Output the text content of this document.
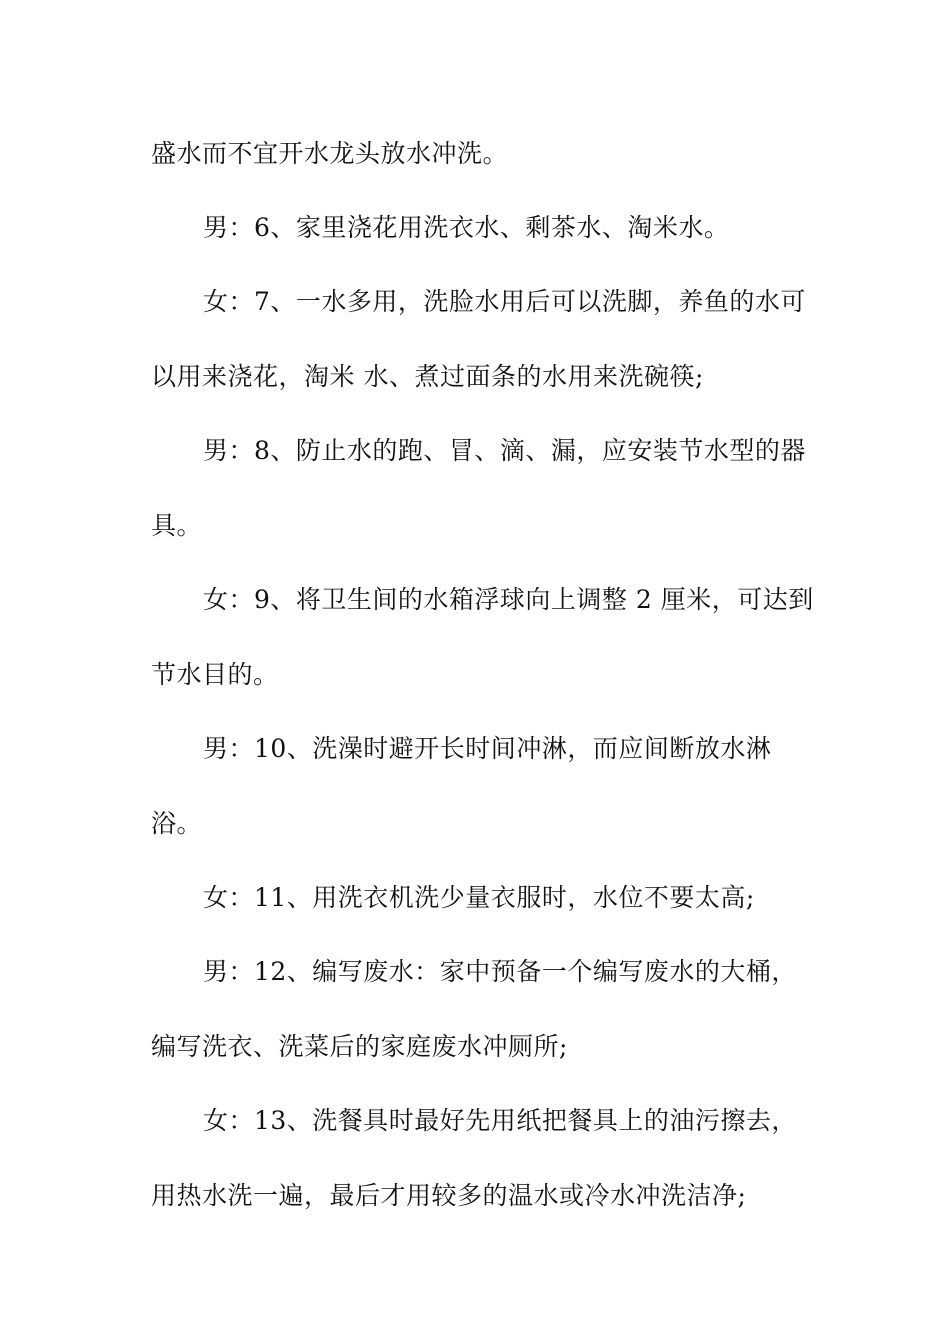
盛水而不宜开水龙头放水冲洗。

男：6、家里浇花用洗衣水、剩茶水、淘米水。

女：7、一水多用，洗脸水用后可以洗脚，养鱼的水可

以用来浇花，淘米 水、煮过面条的水用来洗碗筷;

男：8、防止水的跑、冒、滴、漏，应安装节水型的器

具。

女：9、将卫生间的水箱浮球向上调整 2 厘米，可达到

节水目的。

男：10、洗澡时避开长时间冲淋，而应间断放水淋

浴。

女：11、用洗衣机洗少量衣服时，水位不要太高;

男：12、编写废水：家中预备一个编写废水的大桶，

编写洗衣、洗菜后的家庭废水冲厕所;

女：13、洗餐具时最好先用纸把餐具上的油污擦去，

用热水洗一遍，最后才用较多的温水或冷水冲洗洁净;
